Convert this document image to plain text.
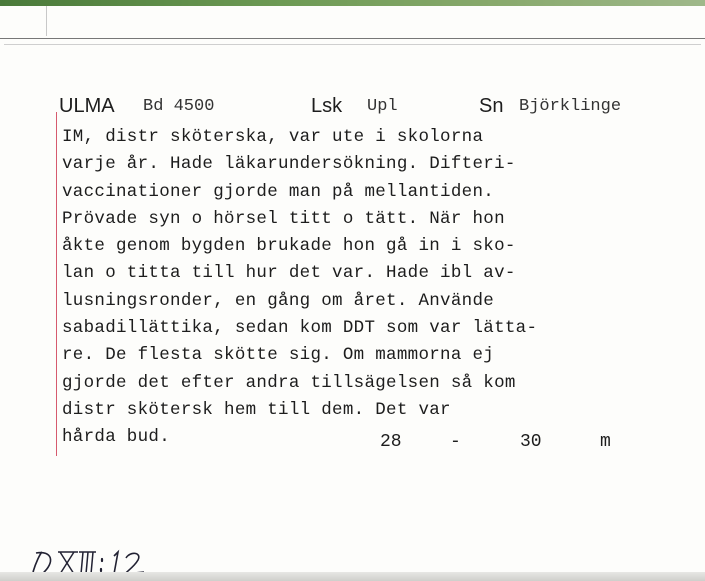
ULMA Bd 4500	Lsk Upl	Sn Björklinge
IM, distr sköterska, var ute i skolorna
varje år. Hade läkarundersökning. Difteri-
vaccinationer gjorde man på mellantiden.
Prövade syn o hörsel titt o tätt. När hon
åkte genom bygden brukade hon gå in i sko-
lan o titta till hur det var. Hade ibl av-
lusningsronder, en gång om året. Använde
sabadillättika, sedan kom DDT som var lätta-
re. De flesta skötte sig. Om mammorna ej
gjorde det efter andra tillsägelsen så kom
distr skötersk hem till dem. Det var
hårda bud.	28	-	30	m
